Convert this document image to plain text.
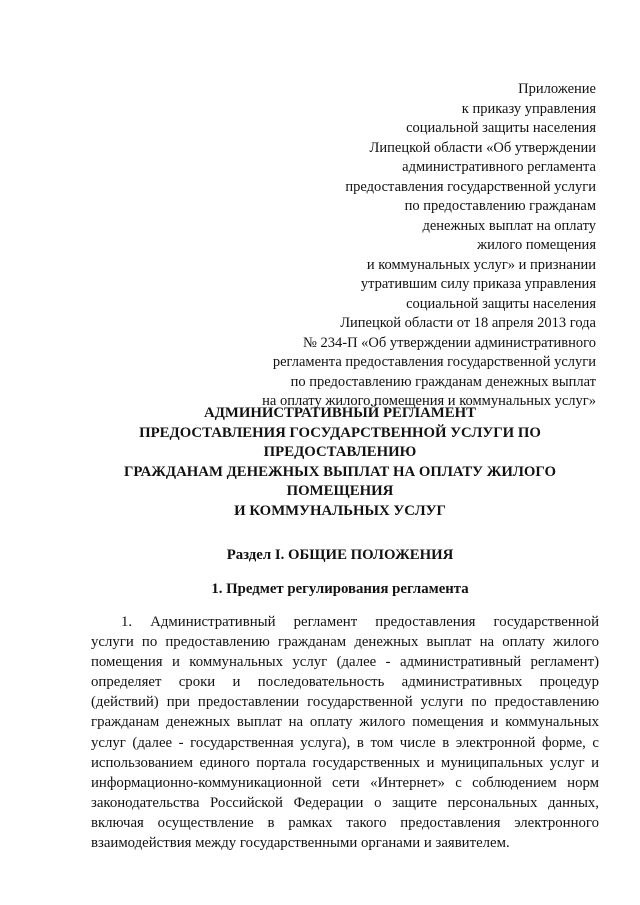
Приложение
к приказу управления
социальной защиты населения
Липецкой области «Об утверждении
административного регламента
предоставления государственной услуги
по предоставлению гражданам
денежных выплат на оплату
жилого помещения
и коммунальных услуг» и признании
утратившим силу приказа управления
социальной защиты населения
Липецкой области от 18 апреля 2013 года
№ 234-П «Об утверждении административного
регламента предоставления государственной услуги
по предоставлению гражданам денежных выплат
на оплату жилого помещения и коммунальных услуг»
АДМИНИСТРАТИВНЫЙ РЕГЛАМЕНТ
ПРЕДОСТАВЛЕНИЯ ГОСУДАРСТВЕННОЙ УСЛУГИ ПО
ПРЕДОСТАВЛЕНИЮ
ГРАЖДАНАМ ДЕНЕЖНЫХ ВЫПЛАТ НА ОПЛАТУ ЖИЛОГО
ПОМЕЩЕНИЯ
И КОММУНАЛЬНЫХ УСЛУГ
Раздел I. ОБЩИЕ ПОЛОЖЕНИЯ
1. Предмет регулирования регламента
1. Административный регламент предоставления государственной
услуги по предоставлению гражданам денежных выплат на оплату жилого
помещения и коммунальных услуг (далее - административный регламент)
определяет сроки и последовательность административных процедур
(действий) при предоставлении государственной услуги по предоставлению
гражданам денежных выплат на оплату жилого помещения и коммунальных
услуг (далее - государственная услуга), в том числе в электронной форме, с
использованием единого портала государственных и муниципальных услуг и
информационно-коммуникационной сети «Интернет» с соблюдением норм
законодательства Российской Федерации о защите персональных данных,
включая осуществление в рамках такого предоставления электронного
взаимодействия между государственными органами и заявителем.
